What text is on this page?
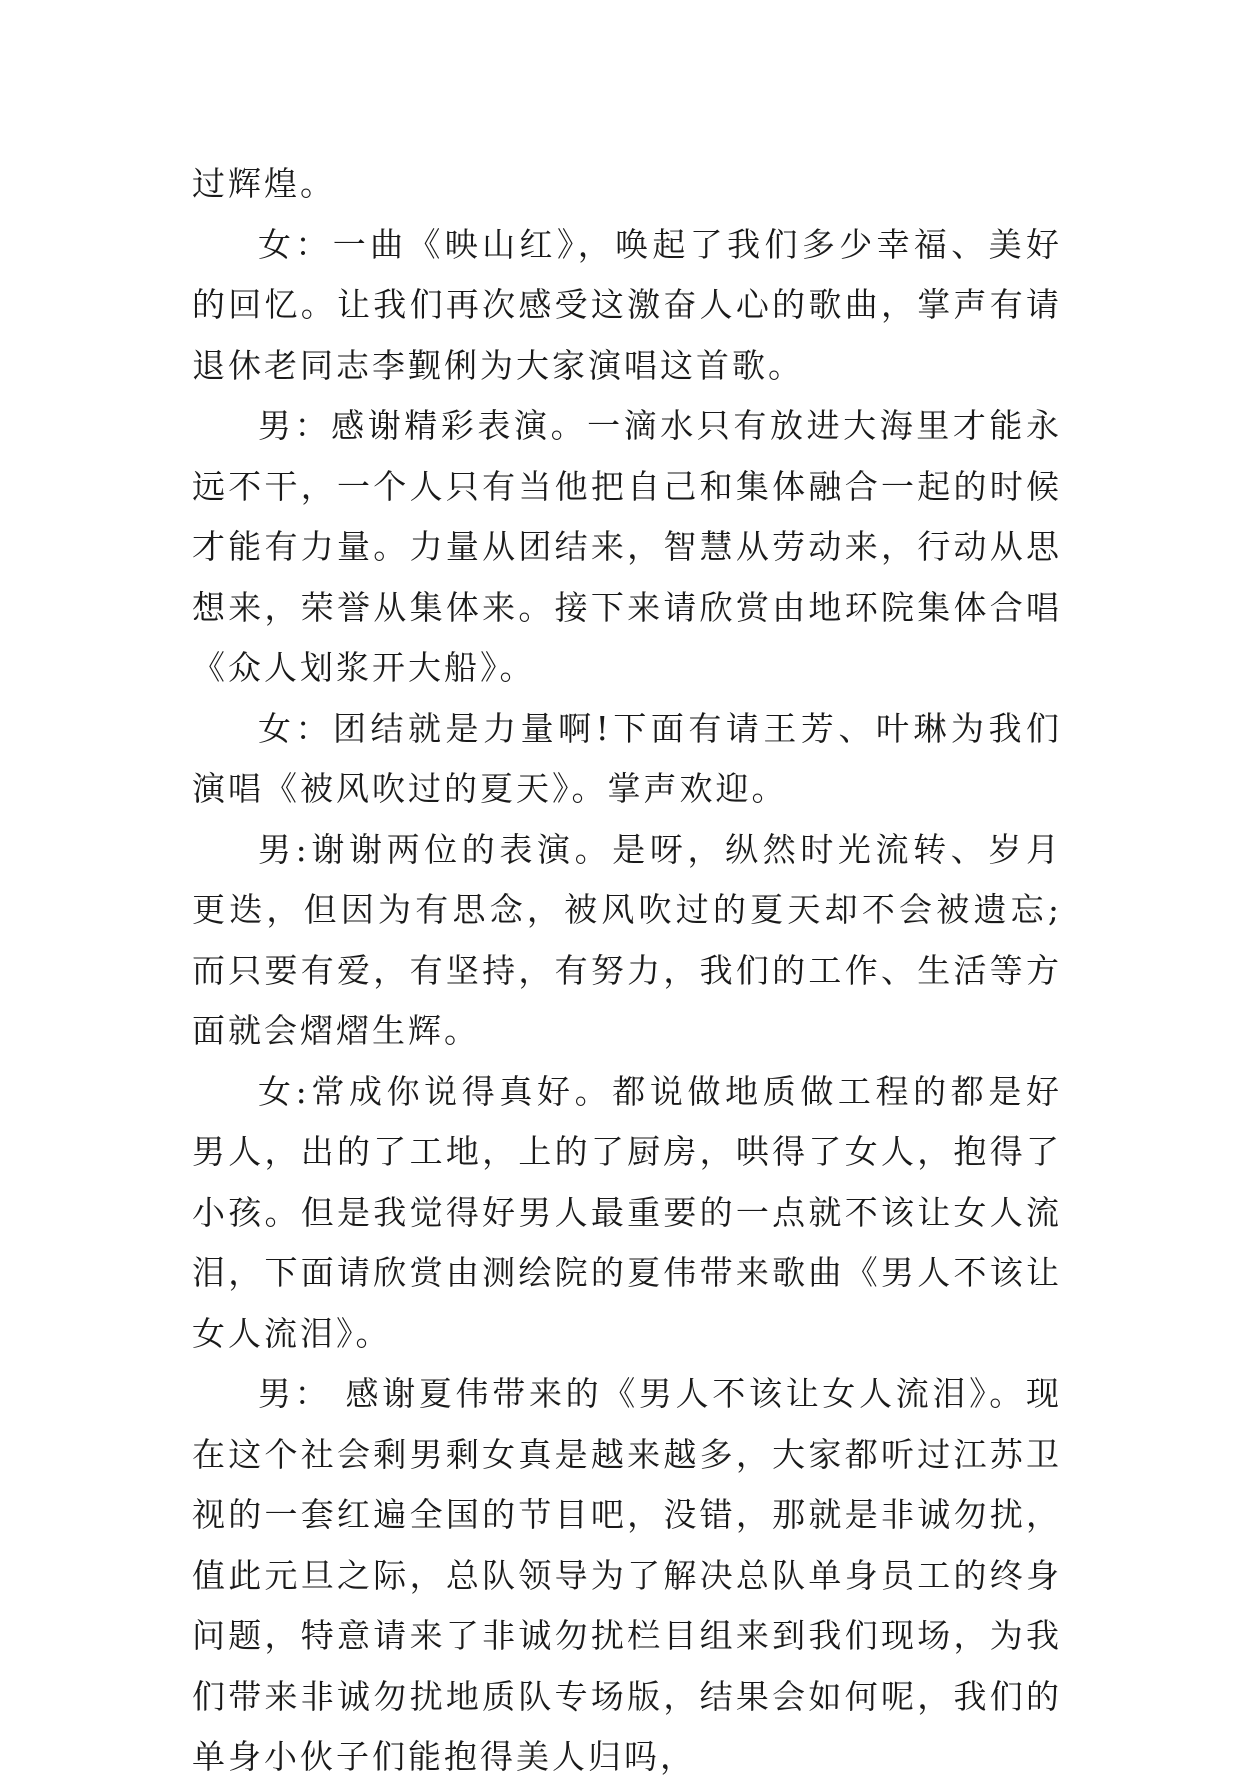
过辉煌。

女：一曲《映山红》，唤起了我们多少幸福、美好的回忆。让我们再次感受这激奋人心的歌曲，掌声有请退休老同志李觐俐为大家演唱这首歌。

男：感谢精彩表演。一滴水只有放进大海里才能永远不干，一个人只有当他把自己和集体融合一起的时候才能有力量。力量从团结来，智慧从劳动来，行动从思想来，荣誉从集体来。接下来请欣赏由地环院集体合唱《众人划浆开大船》。

女：团结就是力量啊!下面有请王芳、叶琳为我们演唱《被风吹过的夏天》。掌声欢迎。

男:谢谢两位的表演。是呀，纵然时光流转、岁月更迭，但因为有思念，被风吹过的夏天却不会被遗忘;而只要有爱，有坚持，有努力，我们的工作、生活等方面就会熠熠生辉。

女:常成你说得真好。都说做地质做工程的都是好男人，出的了工地，上的了厨房，哄得了女人，抱得了小孩。但是我觉得好男人最重要的一点就不该让女人流泪，下面请欣赏由测绘院的夏伟带来歌曲《男人不该让女人流泪》。

男： 感谢夏伟带来的《男人不该让女人流泪》。现在这个社会剩男剩女真是越来越多，大家都听过江苏卫视的一套红遍全国的节目吧，没错，那就是非诚勿扰，值此元旦之际，总队领导为了解决总队单身员工的终身问题，特意请来了非诚勿扰栏目组来到我们现场，为我们带来非诚勿扰地质队专场版，结果会如何呢，我们的单身小伙子们能抱得美人归吗，
